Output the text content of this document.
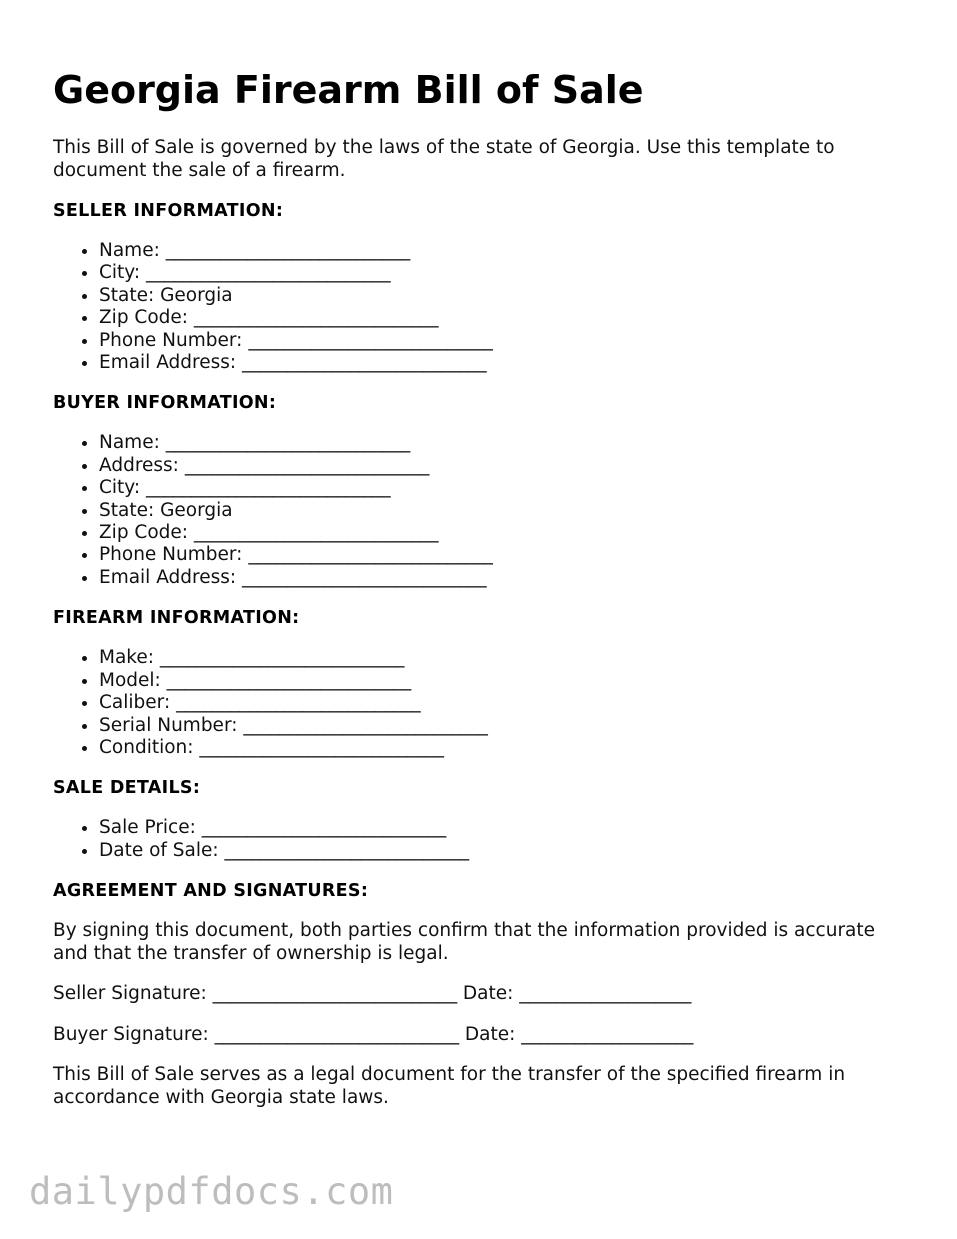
Georgia Firearm Bill of Sale

This Bill of Sale is governed by the laws of the state of Georgia. Use this template to document the sale of a firearm.

SELLER INFORMATION:
• Name: ___________________________
• City: ___________________________
• State: Georgia
• Zip Code: ___________________________
• Phone Number: ___________________________
• Email Address: ___________________________
BUYER INFORMATION:
• Name: ___________________________
• Address: ___________________________
• City: ___________________________
• State: Georgia
• Zip Code: ___________________________
• Phone Number: ___________________________
• Email Address: ___________________________
FIREARM INFORMATION:
• Make: ___________________________
• Model: ___________________________
• Caliber: ___________________________
• Serial Number: ___________________________
• Condition: ___________________________
SALE DETAILS:
• Sale Price: ___________________________
• Date of Sale: ___________________________
AGREEMENT AND SIGNATURES:

By signing this document, both parties confirm that the information provided is accurate and that the transfer of ownership is legal.

Seller Signature: ___________________________ Date: ___________________
Buyer Signature: ___________________________ Date: ___________________

This Bill of Sale serves as a legal document for the transfer of the specified firearm in accordance with Georgia state laws.

dailypdfdocs.com
